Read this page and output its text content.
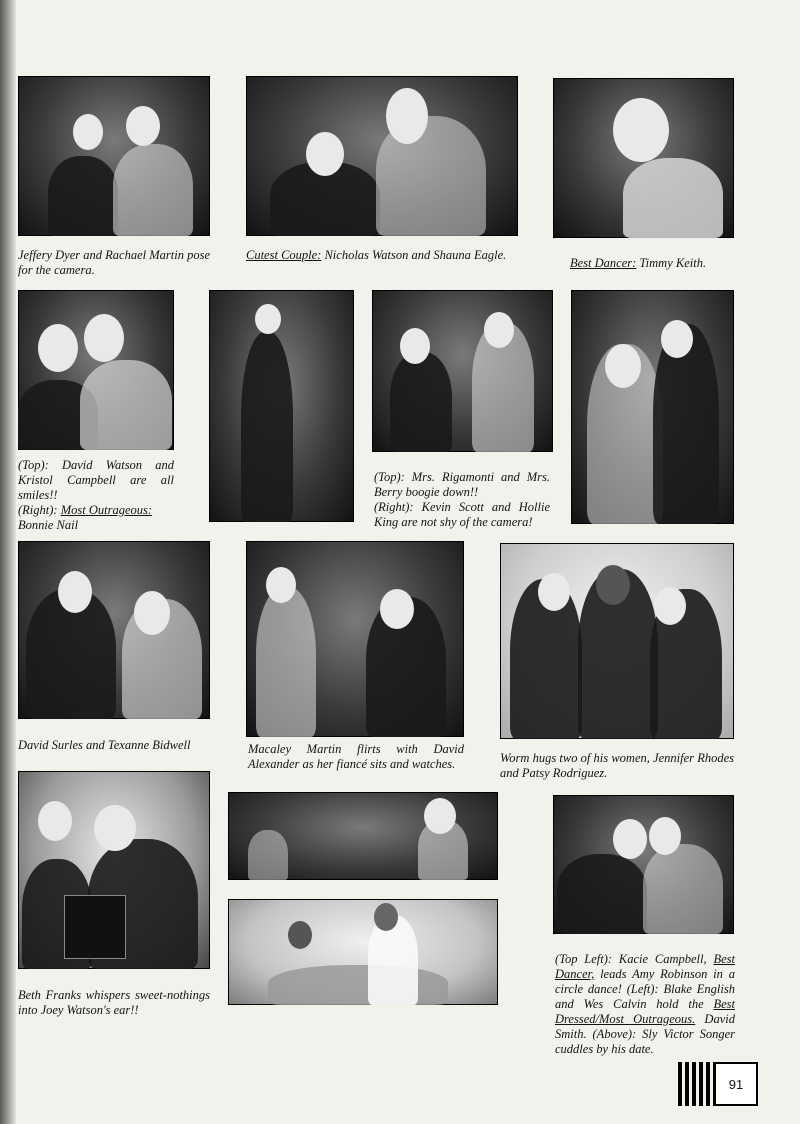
Jeffery Dyer and Rachael Martin pose for the camera.
Cutest Couple: Nicholas Watson and Shauna Eagle.
Best Dancer: Timmy Keith.
(Top): David Watson and Kristol Campbell are all smiles!!
(Right): Most Outrageous:
Bonnie Nail
(Top): Mrs. Rigamonti and Mrs. Berry boogie down!!
(Right): Kevin Scott and Hollie King are not shy of the camera!
David Surles and Texanne Bidwell	Macaley Martin flirts with David Alexander as her fiancé sits and watches.	Worm hugs two of his women, Jennifer Rhodes and Patsy Rodriguez.
Beth Franks whispers sweet-nothings into Joey Watson's ear!!
(Top Left): Kacie Campbell, Best Dancer, leads Amy Robinson in a circle dance! (Left): Blake English and Wes Calvin hold the Best Dressed/Most Outrageous. David Smith. (Above): Sly Victor Songer cuddles by his date.
91
